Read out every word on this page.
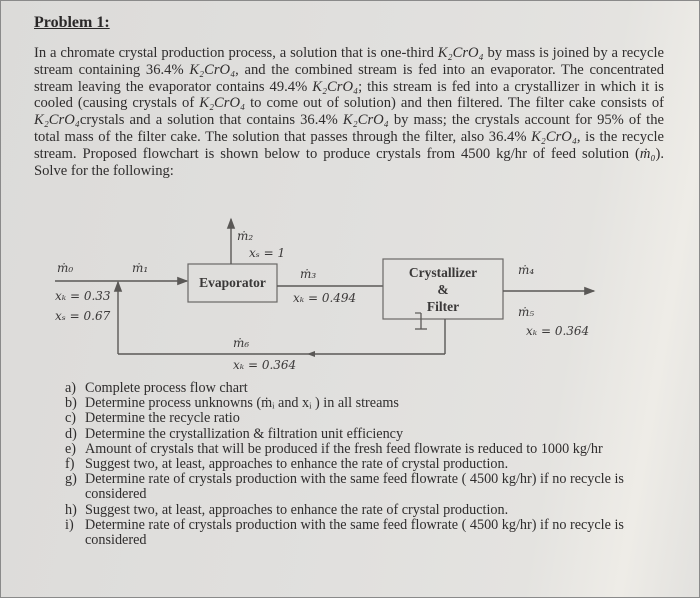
Problem 1:
In a chromate crystal production process, a solution that is one-third K₂CrO₄ by mass is joined by a recycle stream containing 36.4% K₂CrO₄, and the combined stream is fed into an evaporator. The concentrated stream leaving the evaporator contains 49.4% K₂CrO₄; this stream is fed into a crystallizer in which it is cooled (causing crystals of K₂CrO₄ to come out of solution) and then filtered. The filter cake consists of K₂CrO₄crystals and a solution that contains 36.4% K₂CrO₄ by mass; the crystals account for 95% of the total mass of the filter cake. The solution that passes through the filter, also 36.4% K₂CrO₄, is the recycle stream. Proposed flowchart is shown below to produce crystals from 4500 kg/hr of feed solution (ṁ₀). Solve for the following:
ṁ₂
xₛ = 1
ṁ₀
xₖ = 0.33
xₛ = 0.67
ṁ₁
Evaporator
ṁ₃
xₖ = 0.494
Crystallizer
&
Filter
ṁ₄
ṁ₅
xₖ = 0.364
ṁ₆
xₖ = 0.364
a) Complete process flow chart
b) Determine process unknowns (ṁᵢ and xᵢ ) in all streams
c) Determine the recycle ratio
d) Determine the crystallization & filtration unit efficiency
e) Amount of crystals that will be produced if the fresh feed flowrate is reduced to 1000 kg/hr
f) Suggest two, at least, approaches to enhance the rate of crystal production.
g) Determine rate of crystals production with the same feed flowrate ( 4500 kg/hr) if no recycle is considered
h) Suggest two, at least, approaches to enhance the rate of crystal production.
i) Determine rate of crystals production with the same feed flowrate ( 4500 kg/hr) if no recycle is considered
